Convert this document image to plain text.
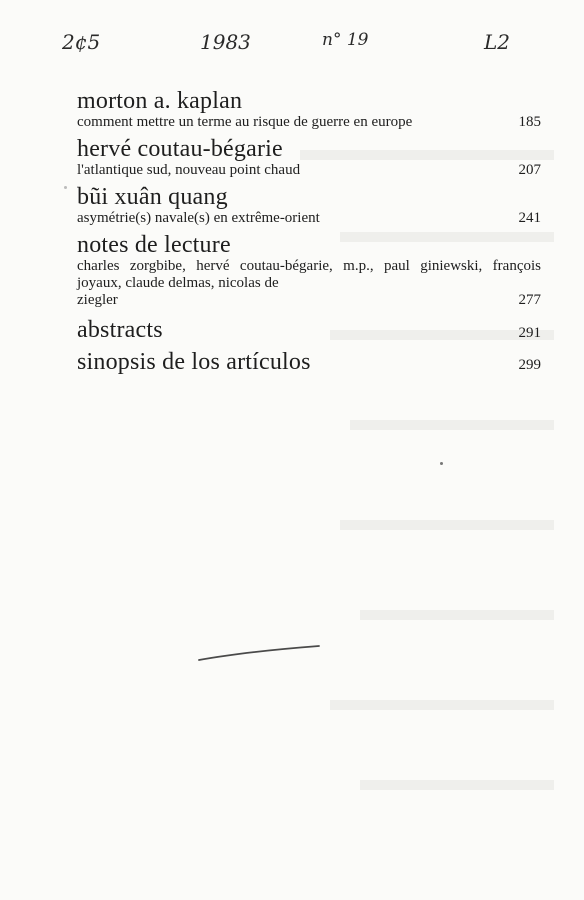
2¢5	1983	n° 19	L2
morton a. kaplan
comment mettre un terme au risque de guerre en europe	185
hervé coutau-bégarie
l'atlantique sud, nouveau point chaud	207
bũi xuân quang
asymétrie(s) navale(s) en extrême-orient	241
notes de lecture
charles zorgbibe, hervé coutau-bégarie, m.p., paul giniewski, françois joyaux, claude delmas, nicolas de
ziegler	277
abstracts	291
sinopsis de los artículos	299
